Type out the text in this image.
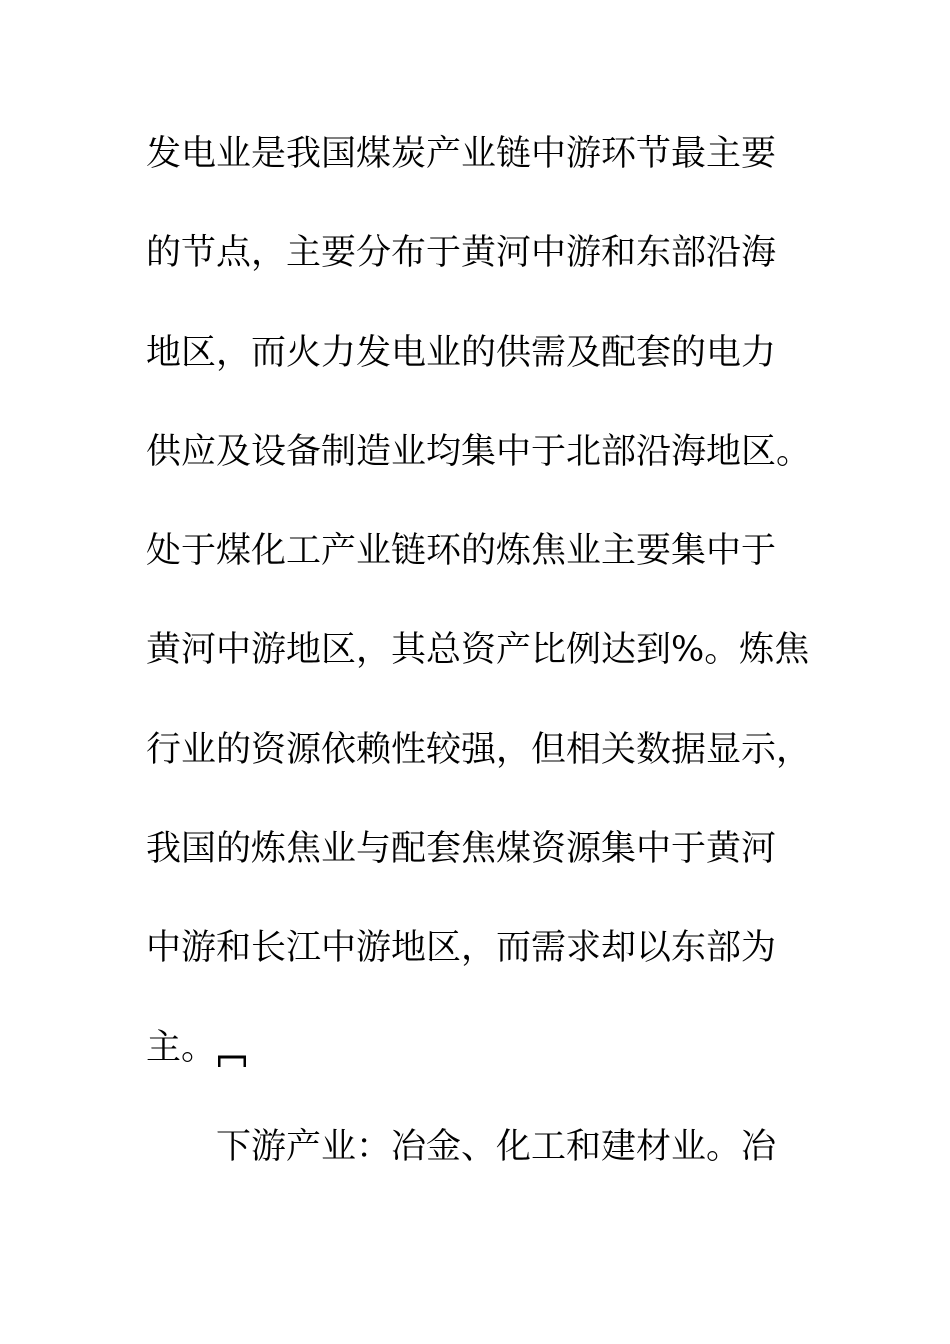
发电业是我国煤炭产业链中游环节最主要
的节点，主要分布于黄河中游和东部沿海
地区，而火力发电业的供需及配套的电力
供应及设备制造业均集中于北部沿海地区。
处于煤化工产业链环的炼焦业主要集中于
黄河中游地区，其总资产比例达到%。炼焦
行业的资源依赖性较强，但相关数据显示，
我国的炼焦业与配套焦煤资源集中于黄河
中游和长江中游地区，而需求却以东部为
主。
下游产业：冶金、化工和建材业。冶
